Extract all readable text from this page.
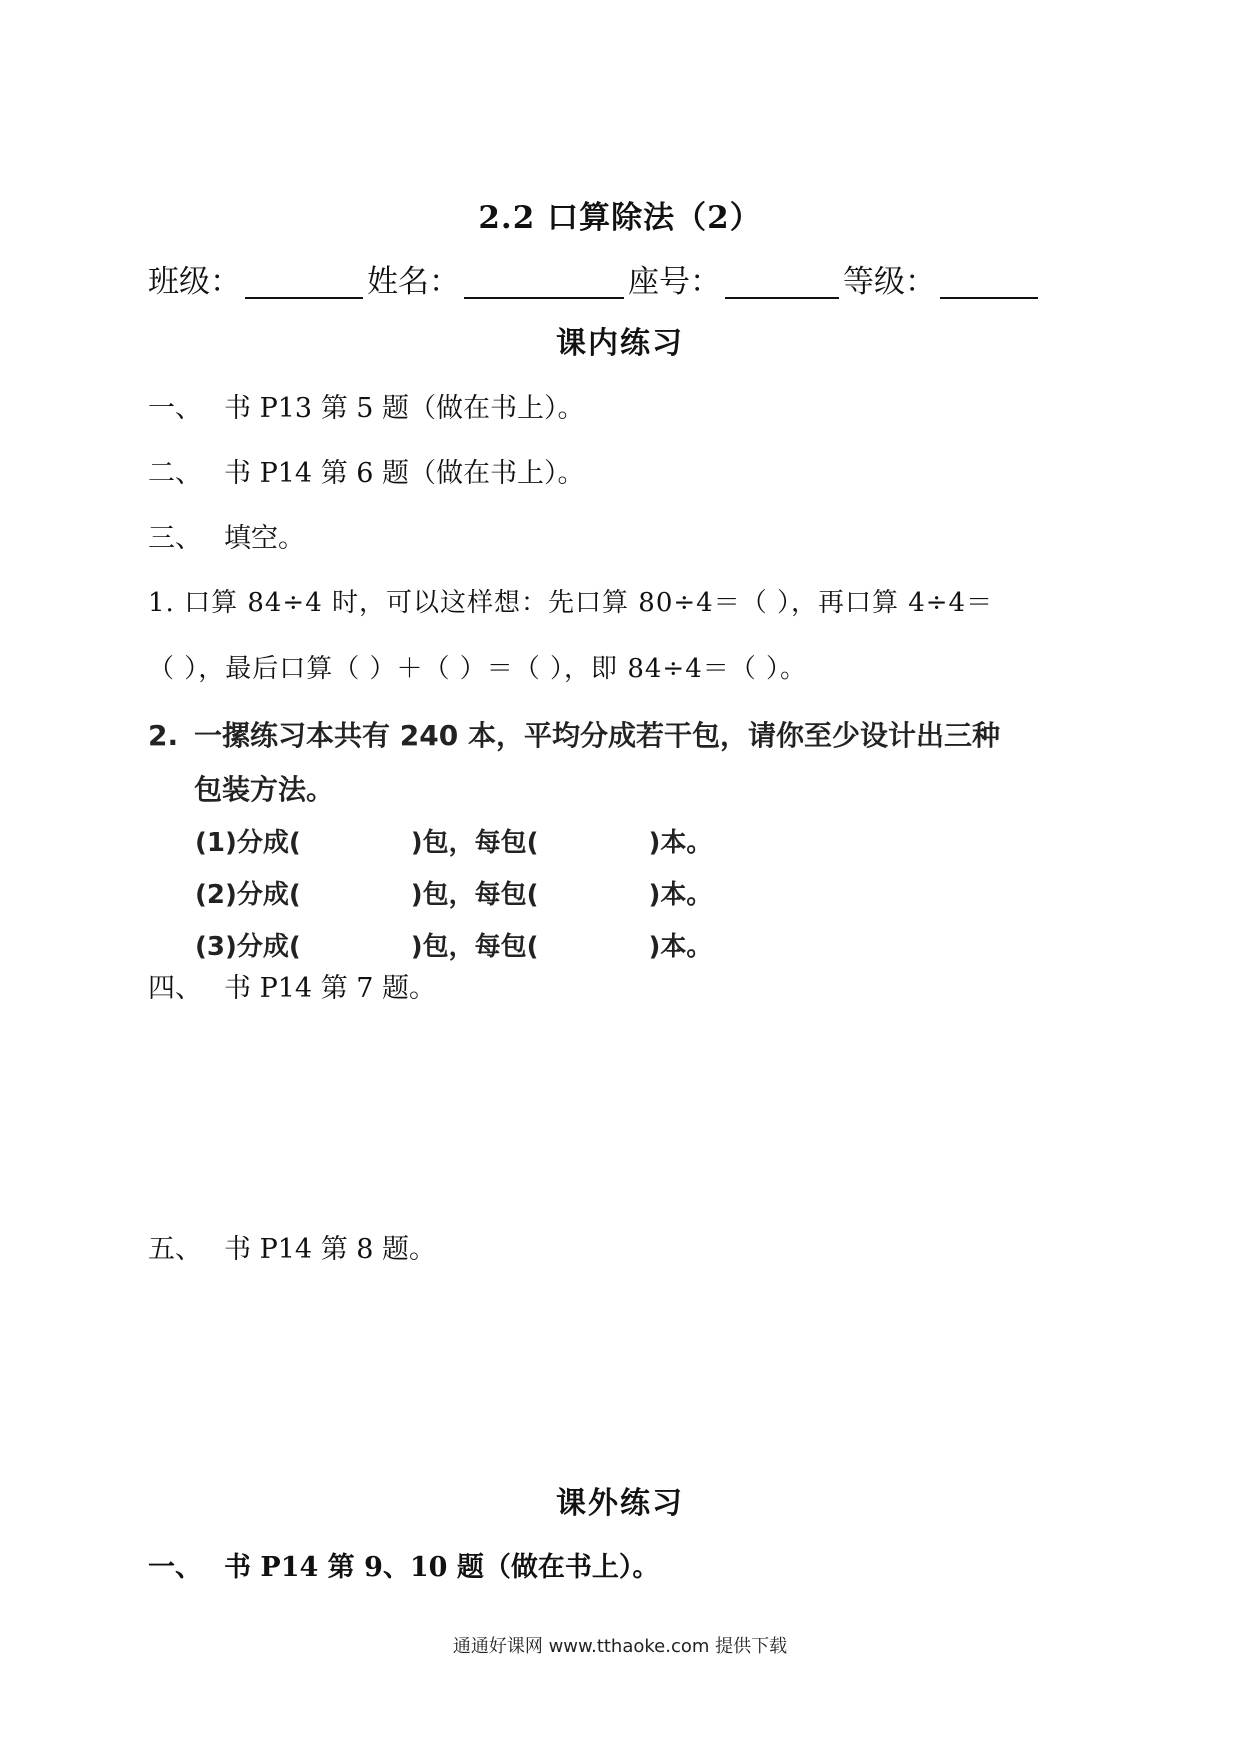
2.2 口算除法（2）
班级：	姓名：	座号：	等级：
课内练习
一、 书 P13 第 5 题（做在书上）。
二、 书 P14 第 6 题（做在书上）。
三、 填空。
1. 口算 84÷4 时，可以这样想：先口算 80÷4＝（ ），再口算 4÷4＝
（ ），最后口算（ ）＋（ ）＝（ ），即 84÷4＝（ ）。
2. 一摞练习本共有 240 本，平均分成若干包，请你至少设计出三种
包装方法。
(1)分成(	)包，每包(	)本。
(2)分成(	)包，每包(	)本。
(3)分成(	)包，每包(	)本。
四、 书 P14 第 7 题。
五、 书 P14 第 8 题。
课外练习
一、 书 P14 第 9、10 题（做在书上）。
通通好课网 www.tthaoke.com 提供下载
